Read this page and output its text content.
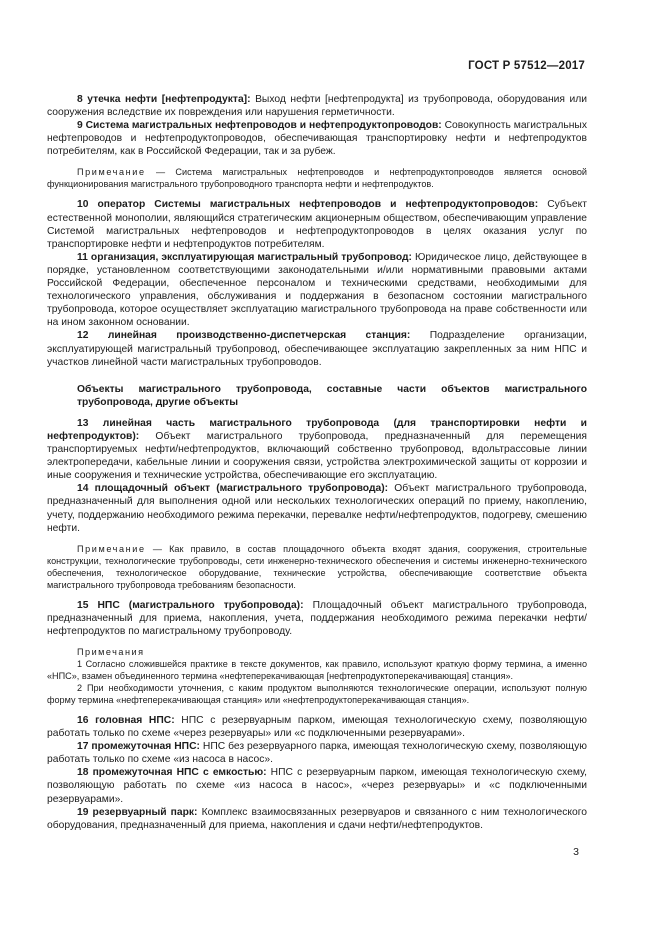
ГОСТ Р 57512—2017

8 утечка нефти [нефтепродукта]: Выход нефти [нефтепродукта] из трубопровода, оборудования или сооружения вследствие их повреждения или нарушения герметичности.

9 Система магистральных нефтепроводов и нефтепродуктопроводов: Совокупность магистральных нефтепроводов и нефтепродуктопроводов, обеспечивающая транспортировку нефти и нефтепродуктов потребителям, как в Российской Федерации, так и за рубеж.

Примечание — Система магистральных нефтепроводов и нефтепродуктопроводов является основой функционирования магистрального трубопроводного транспорта нефти и нефтепродуктов.

10 оператор Системы магистральных нефтепроводов и нефтепродуктопроводов: Субъект естественной монополии, являющийся стратегическим акционерным обществом, обеспечивающим управление Системой магистральных нефтепроводов и нефтепродуктопроводов в целях оказания услуг по транспортировке нефти и нефтепродуктов потребителям.

11 организация, эксплуатирующая магистральный трубопровод: Юридическое лицо, действующее в порядке, установленном соответствующими законодательными и/или нормативными правовыми актами Российской Федерации, обеспеченное персоналом и техническими средствами, необходимыми для технологического управления, обслуживания и поддержания в безопасном состоянии магистрального трубопровода, которое осуществляет эксплуатацию магистрального трубопровода на праве собственности или на ином законном основании.

12 линейная производственно-диспетчерская станция: Подразделение организации, эксплуатирующей магистральный трубопровод, обеспечивающее эксплуатацию закрепленных за ним НПС и участков линейной части магистральных трубопроводов.

Объекты магистрального трубопровода, составные части объектов магистрального трубопровода, другие объекты

13 линейная часть магистрального трубопровода (для транспортировки нефти и нефтепродуктов): Объект магистрального трубопровода, предназначенный для перемещения транспортируемых нефти/нефтепродуктов, включающий собственно трубопровод, вдольтрассовые линии электропередачи, кабельные линии и сооружения связи, устройства электрохимической защиты от коррозии и иные сооружения и технические устройства, обеспечивающие его эксплуатацию.

14 площадочный объект (магистрального трубопровода): Объект магистрального трубопровода, предназначенный для выполнения одной или нескольких технологических операций по приему, накоплению, учету, поддержанию необходимого режима перекачки, перевалке нефти/нефтепродуктов, подогреву, смешению нефти.

Примечание — Как правило, в состав площадочного объекта входят здания, сооружения, строительные конструкции, технологические трубопроводы, сети инженерно-технического обеспечения и системы инженерно-технического обеспечения, технологическое оборудование, технические устройства, обеспечивающие соответствие объекта магистрального трубопровода требованиям безопасности.

15 НПС (магистрального трубопровода): Площадочный объект магистрального трубопровода, предназначенный для приема, накопления, учета, поддержания необходимого режима перекачки нефти/нефтепродуктов по магистральному трубопроводу.

Примечания

1 Согласно сложившейся практике в тексте документов, как правило, используют краткую форму термина, а именно «НПС», взамен объединенного термина «нефтеперекачивающая [нефтепродуктоперекачивающая] станция».

2 При необходимости уточнения, с каким продуктом выполняются технологические операции, используют полную форму термина «нефтеперекачивающая станция» или «нефтепродуктоперекачивающая станция».

16 головная НПС: НПС с резервуарным парком, имеющая технологическую схему, позволяющую работать только по схеме «через резервуары» или «с подключенными резервуарами».

17 промежуточная НПС: НПС без резервуарного парка, имеющая технологическую схему, позволяющую работать только по схеме «из насоса в насос».

18 промежуточная НПС с емкостью: НПС с резервуарным парком, имеющая технологическую схему, позволяющую работать по схеме «из насоса в насос», «через резервуары» и «с подключенными резервуарами».

19 резервуарный парк: Комплекс взаимосвязанных резервуаров и связанного с ним технологического оборудования, предназначенный для приема, накопления и сдачи нефти/нефтепродуктов.

3
